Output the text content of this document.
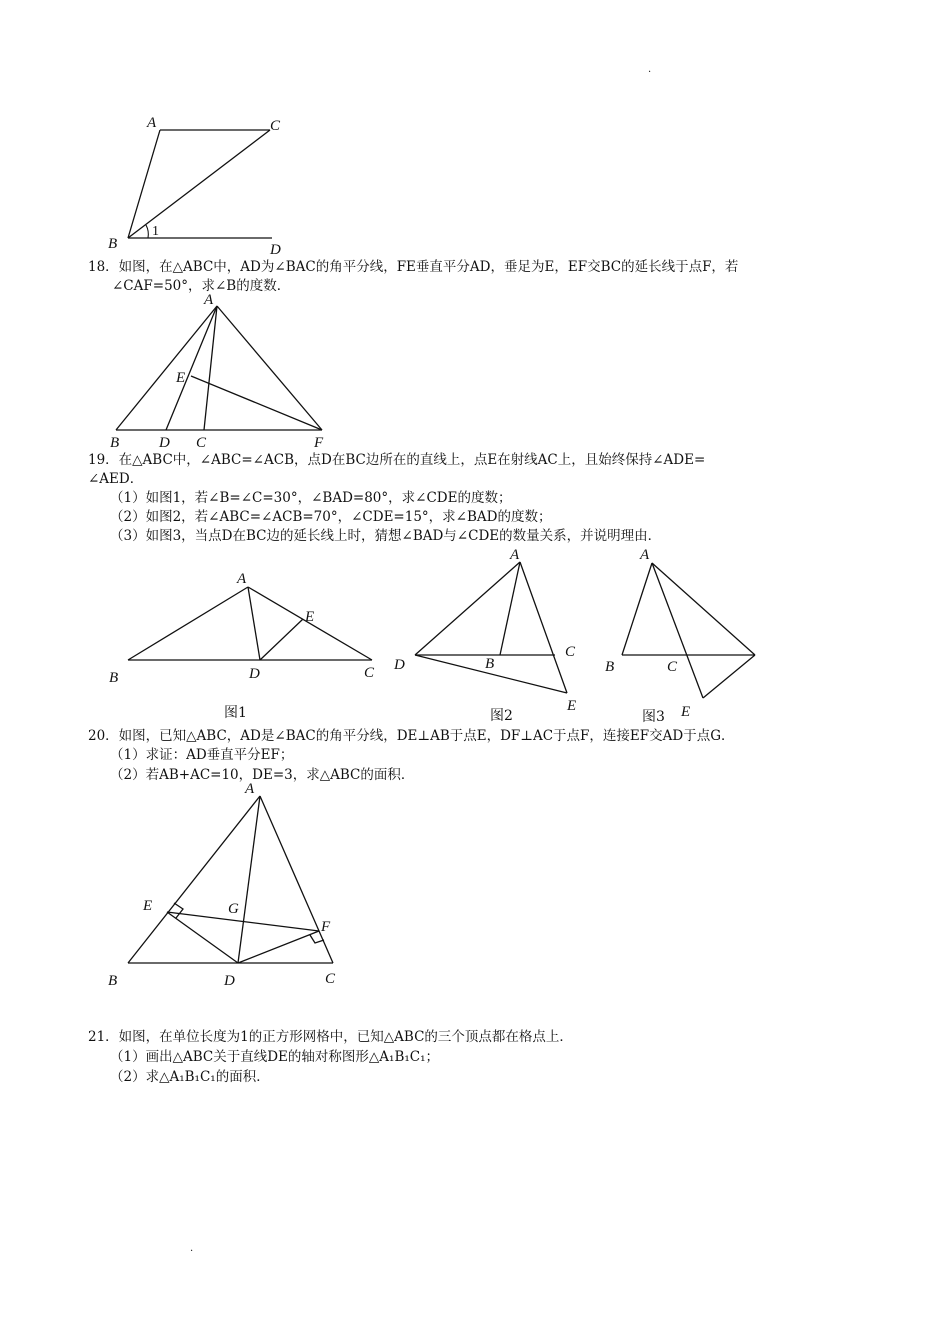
.
.
A	C
B	D
1
18．如图，在△ABC中，AD为∠BAC的角平分线，FE垂直平分AD，垂足为E，EF交BC的延长线于点F，若
∠CAF=50°，求∠B的度数．
A
E
B	D C	F
19．在△ABC中，∠ABC=∠ACB，点D在BC边所在的直线上，点E在射线AC上，且始终保持∠ADE=
∠AED．
（1）如图1，若∠B=∠C=30°，∠BAD=80°，求∠CDE的度数；
（2）如图2，若∠ABC=∠ACB=70°，∠CDE=15°，求∠BAD的度数；
（3）如图3，当点D在BC边的延长线上时，猜想∠BAD与∠CDE的数量关系，并说明理由．
A
E
B	D	C
图1
A
C
D	B
E
图2
A
B	C
E
图3
20．如图，已知△ABC，AD是∠BAC的角平分线，DE⊥AB于点E，DF⊥AC于点F，连接EF交AD于点G．
（1）求证：AD垂直平分EF；
（2）若AB+AC=10，DE=3，求△ABC的面积．
A
E	G
F
B	D	C
21．如图，在单位长度为1的正方形网格中，已知△ABC的三个顶点都在格点上．
（1）画出△ABC关于直线DE的轴对称图形△A₁B₁C₁；
（2）求△A₁B₁C₁的面积．
